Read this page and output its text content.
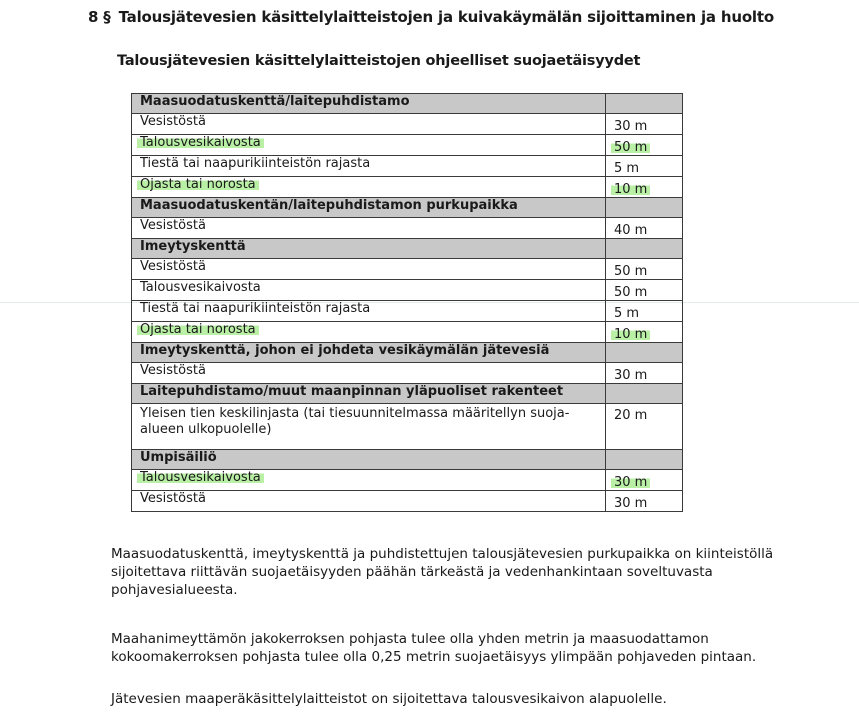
8 § Talousjätevesien käsittelylaitteistojen ja kuivakäymälän sijoittaminen ja huolto
Talousjätevesien käsittelylaitteistojen ohjeelliset suojaetäisyydet
Maasuodatuskenttä/laitepuhdistamo	
Vesistöstä	30 m
Talousvesikaivosta	50 m
Tiestä tai naapurikiinteistön rajasta	5 m
Ojasta tai norosta	10 m
Maasuodatuskentän/laitepuhdistamon purkupaikka	
Vesistöstä	40 m
Imeytyskenttä	
Vesistöstä	50 m
Talousvesikaivosta	50 m
Tiestä tai naapurikiinteistön rajasta	5 m
Ojasta tai norosta	10 m
Imeytyskenttä, johon ei johdeta vesikäymälän jätevesiä	
Vesistöstä	30 m
Laitepuhdistamo/muut maanpinnan yläpuoliset rakenteet	
Yleisen tien keskilinjasta (tai tiesuunnitelmassa määritellyn suoja-alueen ulkopuolelle)	20 m
Umpisäiliö	
Talousvesikaivosta	30 m
Vesistöstä	30 m
Maasuodatuskenttä, imeytyskenttä ja puhdistettujen talousjätevesien purkupaikka on kiinteistöllä sijoitettava riittävän suojaetäisyyden päähän tärkeästä ja vedenhankintaan soveltuvasta pohjavesialueesta.
Maahanimeyttämön jakokerroksen pohjasta tulee olla yhden metrin ja maasuodattamon kokoomakerroksen pohjasta tulee olla 0,25 metrin suojaetäisyys ylimpään pohjaveden pintaan.
Jätevesien maaperäkäsittelylaitteistot on sijoitettava talousvesikaivon alapuolelle.
